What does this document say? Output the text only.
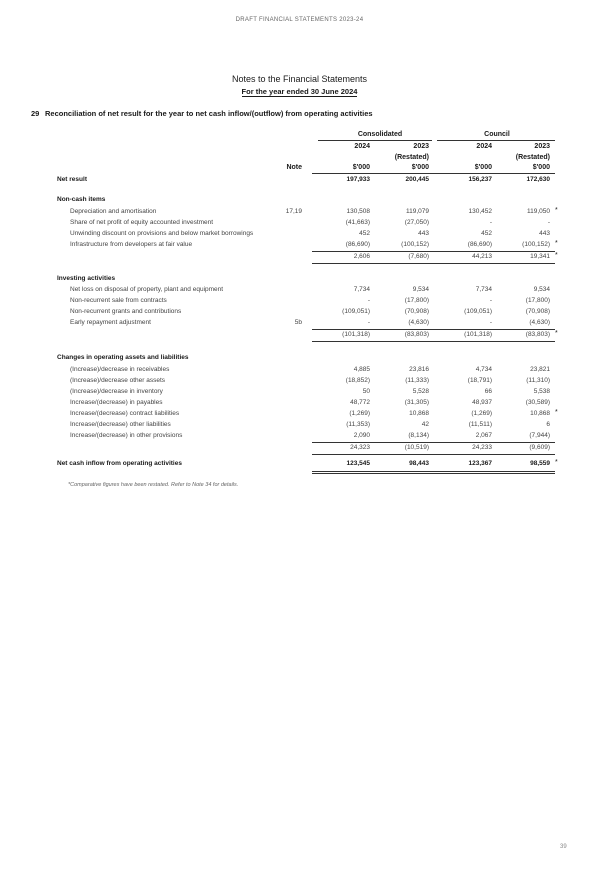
DRAFT FINANCIAL STATEMENTS 2023-24
Notes to the Financial Statements
For the year ended 30 June 2024
29 Reconciliation of net result for the year to net cash inflow/(outflow) from operating activities
Consolidated	Council
2024	2023	2024	2023
(Restated)	(Restated)
Note	$'000	$'000	$'000	$'000
Net result	197,933	200,445	156,237	172,630
Non-cash items
Depreciation and amortisation	17,19	130,508	119,079	130,452	119,050 *
Share of net profit of equity accounted investment	(41,663)	(27,050)	-	-
Unwinding discount on provisions and below market borrowings	452	443	452	443
Infrastructure from developers at fair value	(86,690)	(100,152)	(86,690)	(100,152) *
2,606	(7,680)	44,213	19,341 *
Investing activities
Net loss on disposal of property, plant and equipment	7,734	9,534	7,734	9,534
Non-recurrent sale from contracts	-	(17,800)	-	(17,800)
Non-recurrent grants and contributions	(109,051)	(70,908)	(109,051)	(70,908)
Early repayment adjustment	5b	-	(4,630)	-	(4,630)
(101,318)	(83,803)	(101,318)	(83,803) *
Changes in operating assets and liabilities
(Increase)/decrease in receivables	4,885	23,816	4,734	23,821
(Increase)/decrease other assets	(18,852)	(11,333)	(18,791)	(11,310)
(Increase)/decrease in inventory	50	5,528	66	5,538
Increase/(decrease) in payables	48,772	(31,305)	48,937	(30,589)
Increase/(decrease) contract liabilities	(1,269)	10,868	(1,269)	10,868 *
Increase/(decrease) other liabilities	(11,353)	42	(11,511)	6
Increase/(decrease) in other provisions	2,090	(8,134)	2,067	(7,944)
24,323	(10,519)	24,233	(9,609)
Net cash inflow from operating activities	123,545	98,443	123,367	98,559 *
*Comparative figures have been restated. Refer to Note 34 for details.
39
